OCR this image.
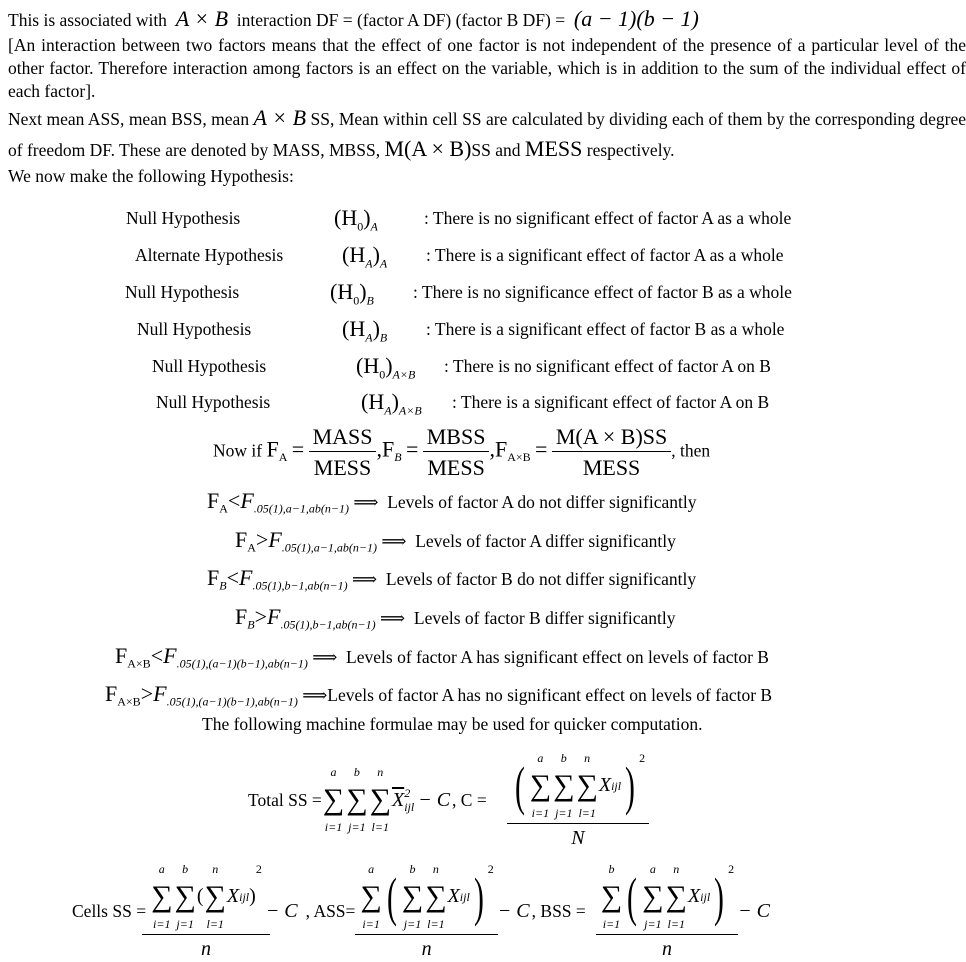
This is associated with A × B interaction DF = (factor A DF) (factor B DF) = (a − 1)(b − 1)
[An interaction between two factors means that the effect of one factor is not independent of the presence of a particular level of the other factor. Therefore interaction among factors is an effect on the variable, which is in addition to the sum of the individual effect of each factor].
Next mean ASS, mean BSS, mean A × B SS, Mean within cell SS are calculated by dividing each of them by the corresponding degree of freedom DF. These are denoted by MASS, MBSS, M(A × B)SS and MESS respectively.
We now make the following Hypothesis:
Null Hypothesis	$(H_0)_A$	: There is no significant effect of factor A as a whole
Alternate Hypothesis	$(H_A)_A$ : There is a significant effect of factor A as a whole
Null Hypothesis	$(H_0)_B$ : There is no significance effect of factor B as a whole
Null Hypothesis	$(H_A)_B$ : There is a significant effect of factor B as a whole
Null Hypothesis	$(H_0)_{A\times B}$ : There is no significant effect of factor A on B
Null Hypothesis	$(H_A)_{A\times B}$ : There is a significant effect of factor A on B
Now if $F_A = \frac{\text{MASS}}{\text{MESS}} ,F_B = \frac{\text{MBSS}}{\text{MESS}} ,F_{A\times B} = \frac{M(A \times B)SS}{\text{MESS}}$ , then
$F_A<F_{.05(1),a-1,ab(n-1)}$ ⟹ Levels of factor A do not differ significantly
$F_A>F_{.05(1),a-1,ab(n-1)}$ ⟹ Levels of factor A differ significantly
$F_B<F_{.05(1),b-1,ab(n-1)}$ ⟹ Levels of factor B do not differ significantly
$F_B>F_{.05(1),b-1,ab(n-1)}$ ⟹ Levels of factor B differ significantly
$F_{A\times B}<F_{.05(1),(a-1)(b-1),ab(n-1)}$ ⟹ Levels of factor A has significant effect on levels of factor B
$F_{A\times B}>F_{.05(1),(a-1)(b-1),ab(n-1)}$ ⟹Levels of factor A has no significant effect on levels of factor B
The following machine formulae may be used for quicker computation.
Total SS =
a
∑
i=1
b
∑
j=1
n
∑
l=1
$\overline{X}$ 2
ijl − C , C = ( a
∑
i=1
b
∑
j=1
n
∑
l=1
X ijl ) 2
N
Cells SS = a
∑
i=1
b
∑
j=1
(
n
∑
l=1
X ijl )
2
n − C , ASS= a
∑
i=1 ( b
∑
j=1
n
∑
l=1
X ijl ) 2
n − C , BSS = b
∑
i=1 ( a
∑
j=1
n
∑
l=1
X ijl ) 2
n − C
